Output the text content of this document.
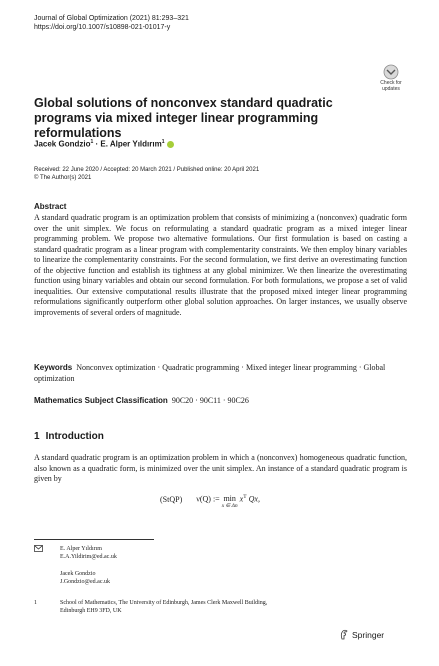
Journal of Global Optimization (2021) 81:293–321
https://doi.org/10.1007/s10898-021-01017-y
Check for
updates
Global solutions of nonconvex standard quadratic programs via mixed integer linear programming reformulations
Jacek Gondzio$^1$ · E. Alper Yıldırım$^1$
Received: 22 June 2020 / Accepted: 20 March 2021 / Published online: 20 April 2021
© The Author(s) 2021
Abstract
A standard quadratic program is an optimization problem that consists of minimizing a (nonconvex) quadratic form over the unit simplex. We focus on reformulating a standard quadratic program as a mixed integer linear programming problem. We propose two alternative formulations. Our first formulation is based on casting a standard quadratic program as a linear program with complementarity constraints. We then employ binary variables to linearize the complementarity constraints. For the second formulation, we first derive an overestimating function of the objective function and establish its tightness at any global minimizer. We then linearize the overestimating function using binary variables and obtain our second formulation. For both formulations, we propose a set of valid inequalities. Our extensive computational results illustrate that the proposed mixed integer linear programming reformulations significantly outperform other global solution approaches. On larger instances, we usually observe improvements of several orders of magnitude.
Keywords Nonconvex optimization · Quadratic programming · Mixed integer linear programming · Global optimization
Mathematics Subject Classification 90C20 · 90C11 · 90C26
1 Introduction
A standard quadratic program is an optimization problem in which a (nonconvex) homogeneous quadratic function, also known as a quadratic form, is minimized over the unit simplex. An instance of a standard quadratic program is given by
(StQP) ν(Q) := min
x ∈ Δn
$x^T$ Qx,
E. Alper Yıldırım
E.A.Yildirim@ed.ac.uk
Jacek Gondzio
J.Gondzio@ed.ac.uk
1	School of Mathematics, The University of Edinburgh, James Clerk Maxwell Building,
Edinburgh EH9 3FD, UK
Springer
